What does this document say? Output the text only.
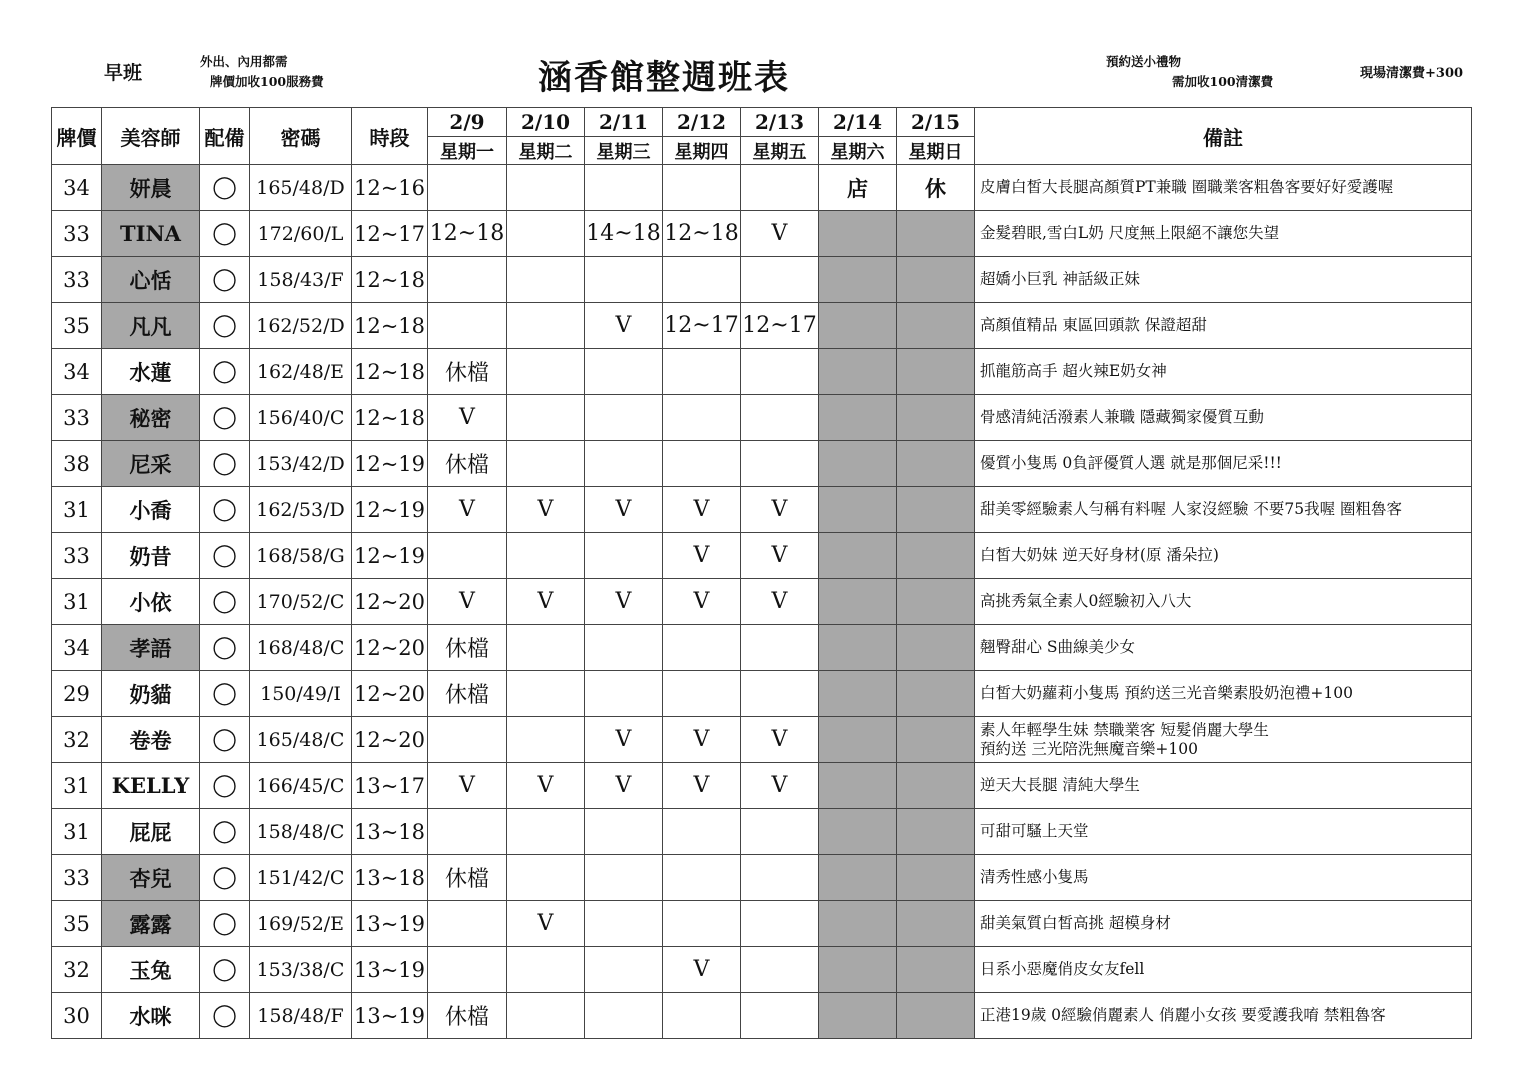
早班
外出、內用都需
牌價加收100服務費	涵香館整週班表	預約送小禮物
需加收100清潔費
現場清潔費+300
牌價	美容師	配備	密碼	時段	2/9	2/10	2/11	2/12	2/13	2/14	2/15	備註
					星期一	星期二	星期三	星期四	星期五	星期六	星期日	
34	妍晨	◯	165/48/D	12~16						店	休	皮膚白皙大長腿高顏質PT兼職 圈職業客粗魯客要好好愛護喔

33	TINA	◯	172/60/L	12~17	12~18		14~18	12~18	V			金髮碧眼,雪白L奶 尺度無上限絕不讓您失望

33	心恬	◯	158/43/F	12~18								超嬌小巨乳 神話級正妹

35	凡凡	◯	162/52/D	12~18			V	12~17	12~17			高顏值精品 東區回頭款 保證超甜

34	水蓮	◯	162/48/E	12~18	休檔							抓龍筋高手 超火辣E奶女神

33	秘密	◯	156/40/C	12~18	V							骨感清純活潑素人兼職 隱藏獨家優質互動

38	尼采	◯	153/42/D	12~19	休檔							優質小隻馬 0負評優質人選 就是那個尼采!!!

31	小喬	◯	162/53/D	12~19	V	V	V	V	V			甜美零經驗素人勻稱有料喔 人家沒經驗 不要75我喔 圈粗魯客

33	奶昔	◯	168/58/G	12~19				V	V			白皙大奶妹 逆天好身材(原 潘朵拉)

31	小依	◯	170/52/C	12~20	V	V	V	V	V			高挑秀氣全素人0經驗初入八大

34	孝語	◯	168/48/C	12~20	休檔							翹臀甜心 S曲線美少女

29	奶貓	◯	150/49/I	12~20	休檔							白皙大奶蘿莉小隻馬 預約送三光音樂素股奶泡禮+100

32	卷卷	◯	165/48/C	12~20			V	V	V			素人年輕學生妹 禁職業客 短髮俏麗大學生
預約送 三光陪洗無魔音樂+100

31	KELLY	◯	166/45/C	13~17	V	V	V	V	V			逆天大長腿 清純大學生

31	屁屁	◯	158/48/C	13~18								可甜可騷上天堂

33	杏兒	◯	151/42/C	13~18	休檔							清秀性感小隻馬

35	露露	◯	169/52/E	13~19		V						甜美氣質白皙高挑 超模身材

32	玉兔	◯	153/38/C	13~19				V				日系小惡魔俏皮女友fell

30	水咪	◯	158/48/F	13~19	休檔							正港19歲 0經驗俏麗素人 俏麗小女孩 要愛護我唷 禁粗魯客
